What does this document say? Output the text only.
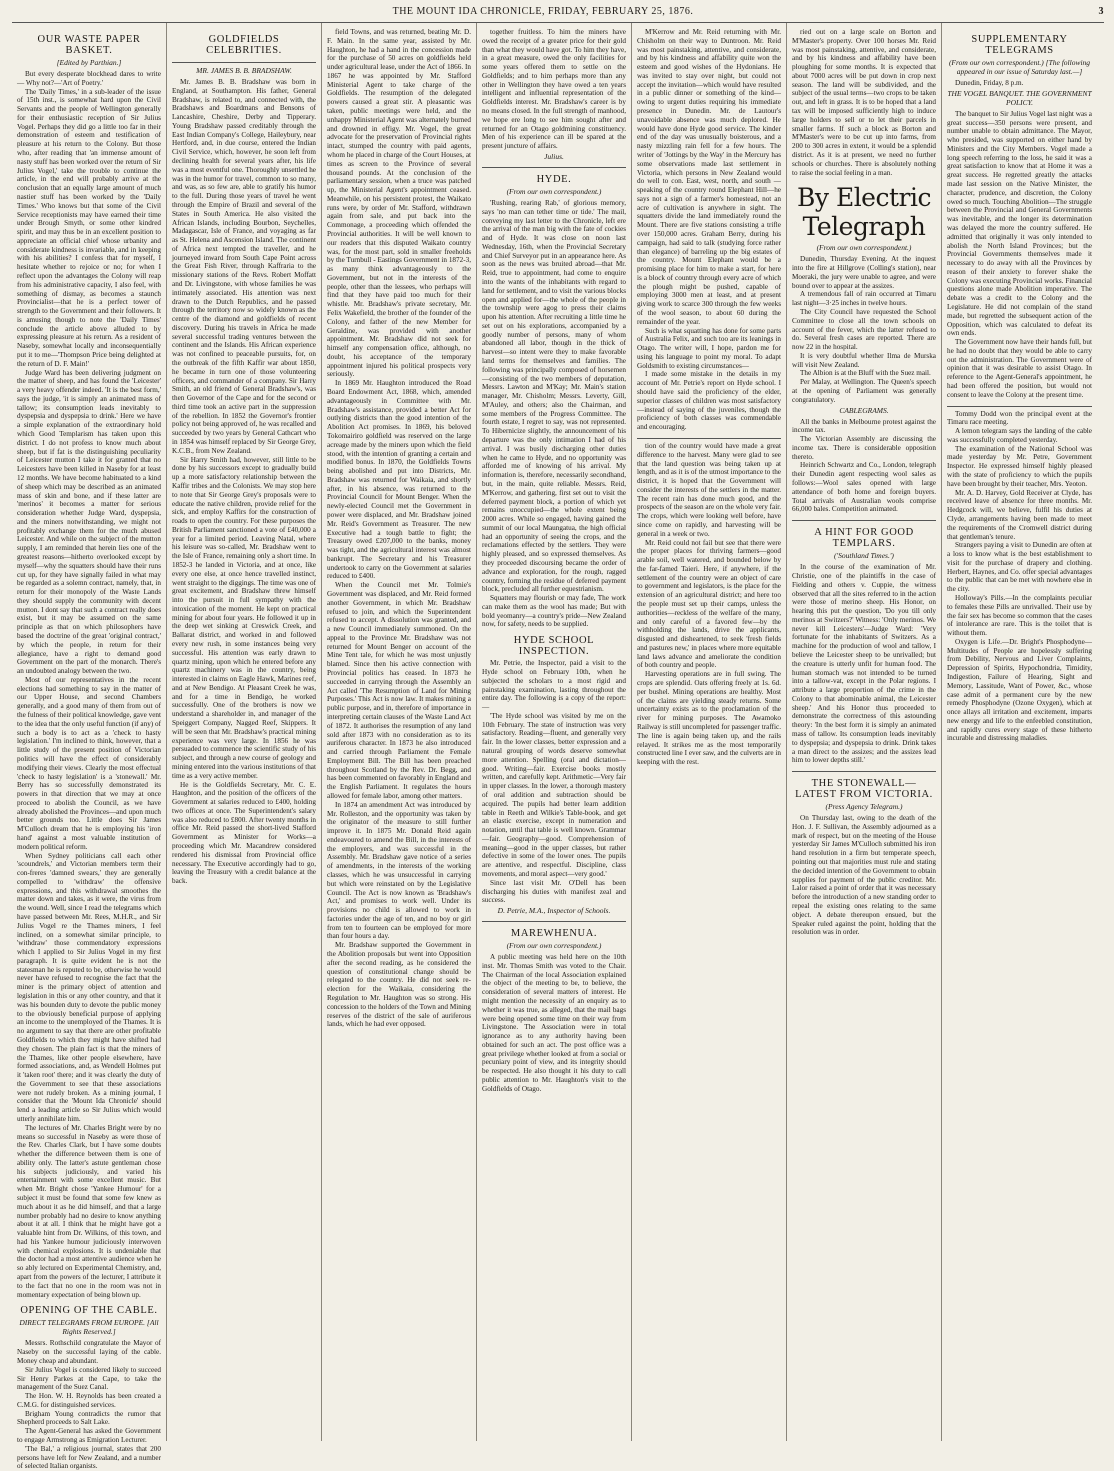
THE MOUNT IDA CHRONICLE, FRIDAY, FEBRUARY 25, 1876.	3
OUR WASTE PAPER BASKET.
[Edited by Parthian.]

But every desperate blockhead dares to write— Why not?—'Art of Poetry.'

The 'Daily Times,' in a sub-leader of the issue of 15th inst., is somewhat hard upon the Civil Servants and the people of Wellington generally for their enthusiastic reception of Sir Julius Vogel. Perhaps they did go a little too far in their demonstration of esteem and testification of pleasure at his return to the Colony. But those who, after reading that 'an immense amount of nasty stuff has been worked over the return of Sir Julius Vogel,' take the trouble to continue the article, in the end will probably arrive at the conclusion that an equally large amount of much nastier stuff has been worked by the 'Daily Times.' Who knows but that some of the Civil Service receptionists may have earned their time under Brough Smyth, or some other kindred spirit, and may thus be in an excellent position to appreciate an official chief whose urbanity and considerate kindness is invariable, and in keeping with his abilities? I confess that for myself, I hesitate whether to rejoice or no; for when I reflect upon the advantages the Colony will reap from his administrative capacity, I also feel, with something of dismay, as becomes a staunch Provincialist—that he is a perfect tower of strength to the Government and their followers. It is amusing though to note the 'Daily Times' conclude the article above alluded to by expressing pleasure at his return. As a resident of Naseby, somewhat locally and inconsequentially put it to me—'Thompson Price being delighted at the return of D. F. Main!'

Judge Ward has been delivering judgment on the matter of sheep, and has found the 'Leicester' a very heavy offender indeed. 'It is the best form,' says the judge, 'it is simply an animated mass of tallow; its consumption leads inevitably to dyspepsia and dyspepsia to drink.' Here we have a simple explanation of the extraordinary hold which Good Templarism has taken upon this district. I do not profess to know much about sheep, but if fat is the distinguishing peculiarity of Leicester mutton I take it for granted that no Leicesters have been killed in Naseby for at least 12 months. We have become habituated to a kind of sheep which may be described as an animated mass of skin and bone, and if these latter are 'merinos' it becomes a matter for serious consideration whether Judge Ward, dyspepsia, and the miners notwithstanding, we might not profitably exchange them for the much abused Leicester. And while on the subject of the mutton supply, I am reminded that herein lies one of the greatest reasons—hitherto overlooked except by myself—why the squatters should have their runs cut up, for they have signally failed in what may be regarded as a solemn contract, namely, that, in return for their monopoly of the Waste Lands they should supply the community with decent mutton. I dont say that such a contract really does exist, but it may be assumed on the same principle as that on which philosophers have based the doctrine of the great 'original contract,' by which the people, in return for their allegiance, have a right to demand good Government on the part of the monarch. There's an undoubted analogy between the two.

Most of our representatives in the recent elections had something to say in the matter of our Upper House, and second Chambers generally, and a good many of them from out of the fulness of their political knowledge, gave vent to the idea that the only useful function (if any) of such a body is to act as a 'check to hasty legislation.' I'm inclined to think, however, that a little study of the present position of Victorian politics will have the effect of considerably modifying their views. Clearly the most effectual 'check to hasty legislation' is a 'stonewall.' Mr. Berry has so successfully demonstrated its powers in that direction that we may at once proceed to abolish the Council, as we have already abolished the Provinces—and upon much better grounds too. Little does Sir James M'Culloch dream that he is employing his 'iron hand' against a most valuable institution of modern political reform.

When Sydney politicians call each other 'scoundrels,' and Victorian members term their con-freres 'damned swears,' they are generally compelled to 'withdraw' the offensive expressions, and this withdrawal smoothes the matter down and takes, as it were, the virus from the wound. Well, since I read the telegrams which have passed between Mr. Rees, M.H.R., and Sir Julius Vogel re the Thames miners, I feel inclined, on a somewhat similar principle, to 'withdraw' those commendatory expressions which I applied to Sir Julius Vogel in my first paragraph. It is quite evident he is not the statesman he is reputed to be, otherwise he would never have refused to recognise the fact that the miner is the primary object of attention and legislation in this or any other country, and that it was his bounden duty to devote the public money to the obviously beneficial purpose of applying an income to the unemployed of the Thames. It is no argument to say that there are other profitable Goldfields to which they might have shifted had they chosen. The plain fact is that the miners of the Thames, like other people elsewhere, have formed associations, and, as Wendell Holmes put it 'taken root' there; and it was clearly the duty of the Government to see that these associations were not rudely broken. As a mining journal, I consider that the 'Mount Ida Chronicle' should lend a leading article so Sir Julius which would utterly annihilate him.

The lectures of Mr. Charles Bright were by no means so successful in Naseby as were those of the Rev. Charles Clark, but I have some doubts whether the difference between them is one of ability only. The latter's astute gentleman chose his subjects judiciously, and varied his entertainment with some excellent music. But when Mr. Bright chose 'Yankee Humour' for a subject it must be found that some few knew as much about it as he did himself, and that a large number probably had no desire to know anything about it at all. I think that he might have got a valuable hint from Dr. Wilkins, of this town, and had his Yankee humour judiciously interwoven with chemical explosions. It is undeniable that the doctor had a most attentive audience when he so ably lectured on Experimental Chemistry, and, apart from the powers of the lecturer, I attribute it to the fact that no one in the room was not in momentary expectation of being blown up.

OPENING OF THE CABLE.
DIRECT TELEGRAMS FROM EUROPE. [All Rights Reserved.]

Messrs. Rothschild congratulate the Mayor of Naseby on the successful laying of the cable. Money cheap and abundant.

Sir Julius Vogel is considered likely to succeed Sir Henry Parkes at the Cape, to take the management of the Suez Canal.

The Hon. W. H. Reynolds has been created a C.M.G. for distinguished services.

Brigham Young contradicts the rumor that Shepherd proceeds to Salt Lake.

The Agent-General has asked the Government to engage Armstrong as Emigration Lecturer.

'The Bal,' a religious journal, states that 200 persons have left for New Zealand, and a number of selected Italian organists.

GOLDFIELDS CELEBRITIES.
MR. JAMES B. B. BRADSHAW.

Mr. James B. B. Bradshaw was born in England, at Southampton. His father, General Bradshaw, is related to, and connected with, the Bradshaws and Boardmans and Bensons of Lancashire, Cheshire, Derby and Tipperary. Young Bradshaw passed creditably through the East Indian Company's College, Haileybury, near Hertford, and, in due course, entered the Indian Civil Service, which, however, he soon left from declining health for several years after, his life was a most eventful one. Thoroughly unsettled he was in the humor for travel, common to so many, and was, as so few are, able to gratify his humor to the full. During those years of travel he went through the Empire of Brazil and several of the States in South America. He also visited the African Islands, including Bourbon, Seychelles, Madagascar, Isle of France, and voyaging as far as St. Helena and Ascension Island. The continent of Africa next tempted the traveller, and he journeyed inward from South Cape Point across the Great Fish River, through Kaffraria to the missionary stations of the Revs. Robert Moffatt and Dr. Livingstone, with whose families he was intimately associated. His attention was next drawn to the Dutch Republics, and he passed through the territory now so widely known as the centre of the diamond and goldfields of recent discovery. During his travels in Africa he made several successful trading ventures between the continent and the Islands. His African experience was not confined to peaceable pursuits, for, on the outbreak of the fifth Kaffir war about 1850, he became in turn one of those volunteering officers, and commander of a company. Sir Harry Smith, an old friend of General Bradshaw's, was then Governor of the Cape and for the second or third time took an active part in the suppression of the rebellion. In 1852 the Governor's frontier policy not being approved of, he was recalled and succeeded by two years by General Cathcart who in 1854 was himself replaced by Sir George Grey, K.C.B., from New Zealand.

Sir Harry Smith had, however, still little to be done by his successors except to gradually build up a more satisfactory relationship between the Kaffir tribes and the Colonists. We may stop here to note that Sir George Grey's proposals were to educate the native children, provide relief for the sick, and employ Kaffirs for the construction of roads to open the country. For these purposes the British Parliament sanctioned a vote of £40,000 a year for a limited period. Leaving Natal, where his leisure was so-called, Mr. Bradshaw went to the Isle of France, remaining only a short time. In 1852-3 he landed in Victoria, and at once, like every one else, at once hence travelled instinct, went straight to the diggings. The time was one of great excitement, and Bradshaw threw himself into the pursuit in full sympathy with the intoxication of the moment. He kept on practical mining for about four years. He followed it up in the deep wet sinking at Creswick Creek, and Ballarat district, and worked in and followed every new rush, in some instances being very successful. His attention was early drawn to quartz mining, upon which he entered before any quartz machinery was in the country, being interested in claims on Eagle Hawk, Marines reef, and at New Bendigo. At Pleasant Creek he was, and for a time in Bendigo, he worked successfully. One of the brothers is now we understand a shareholder in, and manager of the Speiggert Company, Nagged Reef, Skippers. It will be seen that Mr. Bradshaw's practical mining experience was very large. In 1856 he was persuaded to commence the scientific study of his subject, and through a new course of geology and mining entered into the various institutions of that time as a very active member.

He is the Goldfields Secretary, Mr. C. E. Haughton, and the position of the officers of the Government at salaries reduced to £400, holding two offices at once. The Superintendent's salary was also reduced to £800. After twenty months in office Mr. Reid passed the short-lived Stafford Government as Minister for Works—a proceeding which Mr. Macandrew considered rendered his dismissal from Provincial office necessary. The Executive accordingly had to go, leaving the Treasury with a credit balance at the back.

field Towns, and was returned, beating Mr. D. F. Main. In the same year, assisted by Mr. Haughton, he had a hand in the concession made for the purchase of 50 acres on goldfields held under agricultural lease, under the Act of 1866. In 1867 he was appointed by Mr. Stafford Ministerial Agent to take charge of the Goldfields. The resumption of the delegated powers caused a great stir. A pleasantic was taken, public meetings were held, and the unhappy Ministerial Agent was alternately burned and drowned in effigy. Mr. Vogel, the great advocate for the preservation of Provincial rights intact, stumped the country with paid agents, whom he placed in charge of the Court Houses, at times as screen to the Province of several thousand pounds. At the conclusion of the parliamentary session, when a truce was patched up, the Ministerial Agent's appointment ceased. Meanwhile, on his persistent protest, the Waikato runs were, by order of Mr. Stafford, withdrawn again from sale, and put back into the Commonage, a proceeding which offended the Provincial authorities. It will be well known to our readers that this disputed Waikato country was, for the most part, sold in smaller freeholds by the Turnbull - Eastings Government in 1872-3, as many think advantageously to the Government, but not in the interests of the people, other than the lessees, who perhaps will find that they have paid too much for their whistle. Mr. Bradshaw's private secretary, Mr. Felix Wakefield, the brother of the founder of the Colony, and father of the new Member for Geraldine, was provided with another appointment. Mr. Bradshaw did not seek for himself any compensation office, although, no doubt, his acceptance of the temporary appointment injured his political prospects very seriously.

In 1869 Mr. Haughton introduced the Road Board Endowment Act, 1868, which, amended advantageously in Committee with Mr. Bradshaw's assistance, provided a better Act for outlying districts than the good intention of the Abolition Act promises. In 1869, his beloved Tokomairiro goldfield was reserved on the large acreage made by the miners upon which the field stood, with the intention of granting a certain and modified bonus. In 1870, the Goldfields Towns being abolished and put into Districts, Mr. Bradshaw was returned for Waikaia, and shortly after, in his absence, was returned to the Provincial Council for Mount Benger. When the newly-elected Council met the Government in power were displaced, and Mr. Bradshaw joined Mr. Reid's Government as Treasurer. The new Executive had a tough battle to fight; the Treasury owed £207,000 to the banks, money was tight, and the agricultural interest was almost bankrupt. The Secretary and his Treasurer undertook to carry on the Government at salaries reduced to £400.

When the Council met Mr. Tolmie's Government was displaced, and Mr. Reid formed another Government, in which Mr. Bradshaw refused to join, and which the Superintendent refused to accept. A dissolution was granted, and a new Council immediately summoned. On the appeal to the Province Mr. Bradshaw was not returned for Mount Benger on account of the Mine Tent tale, for which he was most unjustly blamed. Since then his active connection with Provincial politics has ceased. In 1873 he succeeded in carrying through the Assembly an Act called 'The Resumption of Land for Mining Purposes.' This Act is now law. It makes mining a public purpose, and in, therefore of importance in interpreting certain clauses of the Waste Land Act of 1872. It authorises the resumption of any land sold after 1873 with no consideration as to its auriferous character. In 1873 he also introduced and carried through Parliament the Female Employment Bill. The Bill has been preached throughout Scotland by the Rev. Dr. Begg, and has been commented on favorably in England and the English Parliament. It regulates the hours allowed for female labor, among other matters.

In 1874 an amendment Act was introduced by Mr. Rolleston, and the opportunity was taken by the originator of the measure to still further improve it. In 1875 Mr. Donald Reid again endeavoured to amend the Bill, in the interests of the employers, and was successful in the Assembly. Mr. Bradshaw gave notice of a series of amendments, in the interests of the working classes, which he was unsuccessful in carrying but which were reinstated on by the Legislative Council. The Act is now known as 'Bradshaw's Act,' and promises to work well. Under its provisions no child is allowed to work in factories under the age of ten, and no boy or girl from ten to fourteen can be employed for more than four hours a day.

Mr. Bradshaw supported the Government in the Abolition proposals but went into Opposition after the second reading, as he considered the question of constitutional change should be relegated to the country. He did not seek re-election for the Waikaia, considering the Regulation to Mr. Haughton was so strong. His concession to the holders of the Town and Mining reserves of the district of the sale of auriferous lands, which he had ever opposed.

together fruitless. To him the miners have owed the receipt of a greater price for their gold than what they would have got. To him they have, in a great measure, owed the only facilities for some years offered them to settle on the Goldfields; and to him perhaps more than any other in Wellington they have owed a ten years intelligent and influential representation of the Goldfields interest. Mr. Bradshaw's career is by no means closed. In the full strength of manhood, we hope ere long to see him sought after and returned for an Otago goldmining constituency. Men of his experience can ill be spared at the present juncture of affairs.

Julius.
HYDE.
(From our own correspondent.)

'Rushing, rearing Rab,' of glorious memory, says 'no man can tether time or tide.' The mail, conveying my last letter to the Chronicle, left ere the arrival of the man big with the fate of cockies and of Hyde. It was close on noon last Wednesday, 16th, when the Provincial Secretary and Chief Surveyor put in an appearance here. As soon as the news was bruited abroad—that Mr. Reid, true to appointment, had come to enquire into the wants of the inhabitants with regard to land for settlement, and to visit the various blocks open and applied for—the whole of the people in the township were agog to press their claims upon his attention. After recruiting a little time he set out on his explorations, accompanied by a goodly number of persons, many of whom abandoned all labor, though in the thick of harvest—so intent were they to make favorable land terms for themselves and families. The following was principally composed of horsemen—consisting of the two members of deputation, Messrs. Lawton and M'Kay; Mr. Main's station manager, Mr. Chisholm; Messrs. Leverty, Gill, M'Auley, and others; also the Chairman, and some members of the Progress Committee. The fourth estate, I regret to say, was not represented. To Hibernicize slightly, the announcement of his departure was the only intimation I had of his arrival. I was busily discharging other duties when he came to Hyde, and no opportunity was afforded me of knowing of his arrival. My information is, therefore, necessarily secondhand, but, in the main, quite reliable. Messrs. Reid, M'Kerrow, and gathering, first set out to visit the deferred payment block, a portion of which yet remains unoccupied—the whole extent being 2000 acres. While so engaged, having gained the summit of our local Maungatua, the high official had an opportunity of seeing the crops, and the reclamations effected by the settlers. They were highly pleased, and so expressed themselves. As they proceeded discoursing became the order of advance and exploration, for the rough, ragged country, forming the residue of deferred payment block, precluded all further equestrianism.

Squatters may flourish or may fade, The work can make them as the wool has made; But with bold yeomanry—a country's pride—New Zealand now, for safety, needs to be supplied.

HYDE SCHOOL INSPECTION.

Mr. Petrie, the Inspector, paid a visit to the Hyde school on February 10th, when he subjected the scholars to a most rigid and painstaking examination, lasting throughout the entire day. The following is a copy of the report:—

'The Hyde school was visited by me on the 10th February. The state of instruction was very satisfactory. Reading—fluent, and generally very fair. In the lower classes, better expression and a natural grouping of words deserve somewhat more attention. Spelling (oral and dictation—good. Writing—fair. Exercise books mostly written, and carefully kept. Arithmetic—Very fair in upper classes. In the lower, a thorough mastery of oral addition and subtraction should be acquired. The pupils had better learn addition table in Reeth and Wilkie's Table-book, and get an elastic exercise, except in numeration and notation, until that table is well known. Grammar—fair. Geography—good. Comprehension of meaning—good in the upper classes, but rather defective in some of the lower ones. The pupils are attentive, and respectful. Discipline, class movements, and moral aspect—very good.'

Since last visit Mr. O'Dell has been discharging his duties with manifest zeal and success.

D. Petrie, M.A., Inspector of Schools.
MAREWHENUA.
(From our own correspondent.)

A public meeting was held here on the 10th inst. Mr. Thomas Smith was voted to the Chair. The Chairman of the local Association explained the object of the meeting to be, to believe, the consideration of several matters of interest. He might mention the necessity of an enquiry as to whether it was true, as alleged, that the mail bags were being opened some time on their way from Livingstone. The Association were in total ignorance as to any authority having been obtained for such an act. The post office was a great privilege whether looked at from a social or pecuniary point of view, and its integrity should be respected. He also thought it his duty to call public attention to Mr. Haughton's visit to the Goldfields of Otago.

M'Kerrow and Mr. Reid returning with Mr. Chisholm on their way to Duntroon. Mr. Reid was most painstaking, attentive, and considerate, and by his kindness and affability quite won the esteem and good wishes of the Hydonians. He was invited to stay over night, but could not accept the invitation—which would have resulted in a public dinner or something of the kind—owing to urgent duties requiring his immediate presence in Dunedin. Mr. de Lautour's unavoidable absence was much deplored. He would have done Hyde good service. The kinder end of the day was unusually boisterous, and a nasty mizzling rain fell for a few hours. The writer of 'Jottings by the Way' in the Mercury has some observations made last settlement in Victoria, which persons in New Zealand would do well to con. East, west, north, and south —speaking of the country round Elephant Hill—he says not a sign of a farmer's homestead, not an acre of cultivation is anywhere in sight. The squatters divide the land immediately round the Mount. There are five stations consisting a trifle over 150,000 acres. Graham Berry, during his campaign, had said to talk (studying force rather than elegance) of barreling up the big estates of the country. Mount Elephant would be a promising place for him to make a start, for here is a block of country through every acre of which the plough might be pushed, capable of employing 3000 men at least, and at present giving work to scarce 300 through the few weeks of the wool season, to about 60 during the remainder of the year.

Such is what squatting has done for some parts of Australia Felix, and such too are its leanings in Otago. The writer will, I hope, pardon me for using his language to point my moral. To adapt Goldsmith to existing circumstances—

I made some mistake in the details in my account of Mr. Petrie's report on Hyde school. I should have said the proficiency of the elder, superior classes of children was most satisfactory—instead of saying of the juveniles, though the proficiency of both classes was commendable and encouraging.

tion of the country would have made a great difference to the harvest. Many were glad to see that the land question was being taken up at length, and as it is of the utmost importance to the district, it is hoped that the Government will consider the interests of the settlers in the matter. The recent rain has done much good, and the prospects of the season are on the whole very fair. The crops, which were looking well before, have since come on rapidly, and harvesting will be general in a week or two.

Mr. Reid could not fail but see that there were the proper places for thriving farmers—good arable soil, well watered, and bounded below by the far-famed Taieri. Here, if anywhere, if the settlement of the country were an object of care to government and legislators, is the place for the extension of an agricultural district; and here too the people must set up their camps, unless the authorities—reckless of the welfare of the many, and only careful of a favored few—by the withholding the lands, drive the applicants, disgusted and disheartened, to seek 'fresh fields and pastures new,' in places where more equitable land laws advance and ameliorate the condition of both country and people.

Harvesting operations are in full swing. The crops are splendid. Oats offering freely at 1s. 6d. per bushel. Mining operations are healthy. Most of the claims are yielding steady returns. Some uncertainty exists as to the proclamation of the river for mining purposes. The Awamoko Railway is still uncompleted for passenger traffic. The line is again being taken up, and the rails relayed. It strikes me as the most temporarily constructed line I ever saw, and the culverts are in keeping with the rest.

ried out on a large scale on Borton and M'Master's property. Over 100 horses Mr. Reid was most painstaking, attentive, and considerate, and by his kindness and affability have been ploughing for some months. It is expected that about 7000 acres will be put down in crop next season. The land will be subdivided, and the subject of the usual terms—two crops to be taken out, and left in grass. It is to be hoped that a land tax will be imposed sufficiently high to induce large holders to sell or to let their parcels in smaller farms. If such a block as Borton and M'Master's were to be cut up into farms, from 200 to 300 acres in extent, it would be a splendid district. As it is at present, we need no further schools or churches. There is absolutely nothing to raise the social feeling in a man.

By Electric Telegraph
(From our own correspondent.)

Dunedin, Thursday Evening. At the inquest into the fire at Hillgrove (Colling's station), near Moeraki, the jury were unable to agree, and were bound over to appear at the assizes.

A tremendous fall of rain occurred at Timaru last night—3·25 inches in twelve hours.

The City Council have requested the School Committee to close all the town schools on account of the fever, which the latter refused to do. Several fresh cases are reported. There are now 22 in the hospital.

It is very doubtful whether Ilma de Murska will visit New Zealand.

The Albion is at the Bluff with the Suez mail.

Per Malay, at Wellington. The Queen's speech at the opening of Parliament was generally congratulatory.

CABLEGRAMS.

All the banks in Melbourne protest against the income tax.

The Victorian Assembly are discussing the income tax. There is considerable opposition thereto.

Heinrich Schwartz and Co., London, telegraph their Dunedin agent respecting wool sales as follows:—Wool sales opened with large attendance of both home and foreign buyers. Total arrivals of Australian wools comprise 66,000 bales. Competition animated.

A HINT FOR GOOD TEMPLARS.
('Southland Times.')

In the course of the examination of Mr. Christie, one of the plaintiffs in the case of Fielding and others v. Cuppie, the witness observed that all the sites referred to in the action were those of merino sheep. His Honor, on hearing this put the question, 'Do you till only merinos at Switzers?' Witness: 'Only merinos. We never kill Leicesters'—Judge Ward: 'Very fortunate for the inhabitants of Switzers. As a machine for the production of wool and tallow, I believe the Leicester sheep to be unrivalled; but the creature is utterly unfit for human food. The human stomach was not intended to be turned into a tallow-vat, except in the Polar regions. I attribute a large proportion of the crime in the Colony to that abominable animal, the Leicester sheep.' And his Honor thus proceeded to demonstrate the correctness of this astounding theory: 'In the best form it is simply an animated mass of tallow. Its consumption leads inevitably to dyspepsia; and dyspepsia to drink. Drink takes a man direct to the assizes; and the assizes lead him to lower depths still.'

THE STONEWALL—LATEST FROM VICTORIA.
(Press Agency Telegram.)

On Thursday last, owing to the death of the Hon. J. F. Sullivan, the Assembly adjourned as a mark of respect, but on the meeting of the House yesterday Sir James M'Culloch submitted his iron hand resolution in a firm but temperate speech, pointing out that majorities must rule and stating the decided intention of the Government to obtain supplies for payment of the public creditor. Mr. Lalor raised a point of order that it was necessary before the introduction of a new standing order to repeal the existing ones relating to the same object. A debate thereupon ensued, but the Speaker ruled against the point, holding that the resolution was in order.

SUPPLEMENTARY TELEGRAMS
(From our own correspondent.) [The following appeared in our issue of Saturday last.—]

Dunedin, Friday, 8 p.m.

THE VOGEL BANQUET. THE GOVERNMENT POLICY.

The banquet to Sir Julius Vogel last night was a great success—350 persons were present, and number unable to obtain admittance. The Mayor, who presided, was supported on either hand by Ministers and the City Members. Vogel made a long speech referring to the loss, he said it was a great satisfaction to know that at Home it was a great success. He regretted greatly the attacks made last session on the Native Minister, the character, prudence, and discretion, the Colony owed so much. Touching Abolition—The struggle between the Provincial and General Governments was inevitable, and the longer its determination was delayed the more the country suffered. He admitted that originally it was only intended to abolish the North Island Provinces; but the Provincial Governments themselves made it necessary to do away with all the Provinces by reason of their anxiety to forever shake the Colony was executing Provincial works. Financial questions alone made Abolition imperative. The debate was a credit to the Colony and the Legislature. He did not complain of the stand made, but regretted the subsequent action of the Opposition, which was calculated to defeat its own ends.

The Government now have their hands full, but he had no doubt that they would be able to carry out the administration. The Government were of opinion that it was desirable to assist Otago. In reference to the Agent-General's appointment, he had been offered the position, but would not consent to leave the Colony at the present time.

Tommy Dodd won the principal event at the Timaru race meeting.

A lemon telegram says the landing of the cable was successfully completed yesterday.

The examination of the National School was made yesterday by Mr. Petre, Government Inspector. He expressed himself highly pleased with the state of proficiency to which the pupils have been brought by their teacher, Mrs. Yeoton.

Mr. A. D. Harvey, Gold Receiver at Clyde, has received leave of absence for three months. Mr. Hedgcock will, we believe, fulfil his duties at Clyde, arrangements having been made to meet the requirements of the Cromwell district during that gentleman's tenure.

Strangers paying a visit to Dunedin are often at a loss to know what is the best establishment to visit for the purchase of drapery and clothing. Herbert, Haynes, and Co. offer special advantages to the public that can be met with nowhere else in the city.

Holloway's Pills.—In the complaints peculiar to females these Pills are unrivalled. Their use by the fair sex has become so common that the cases of intolerance are rare. This is the toilet that is without them.

Oxygen is Life.—Dr. Bright's Phosphodyne—Multitudes of People are hopelessly suffering from Debility, Nervous and Liver Complaints, Depression of Spirits, Hypochondria, Timidity, Indigestion, Failure of Hearing, Sight and Memory, Lassitude, Want of Power, &c., whose case admit of a permanent cure by the new remedy Phosphodyne (Ozone Oxygen), which at once allays all irritation and excitement, imparts new energy and life to the enfeebled constitution, and rapidly cures every stage of these hitherto incurable and distressing maladies.
